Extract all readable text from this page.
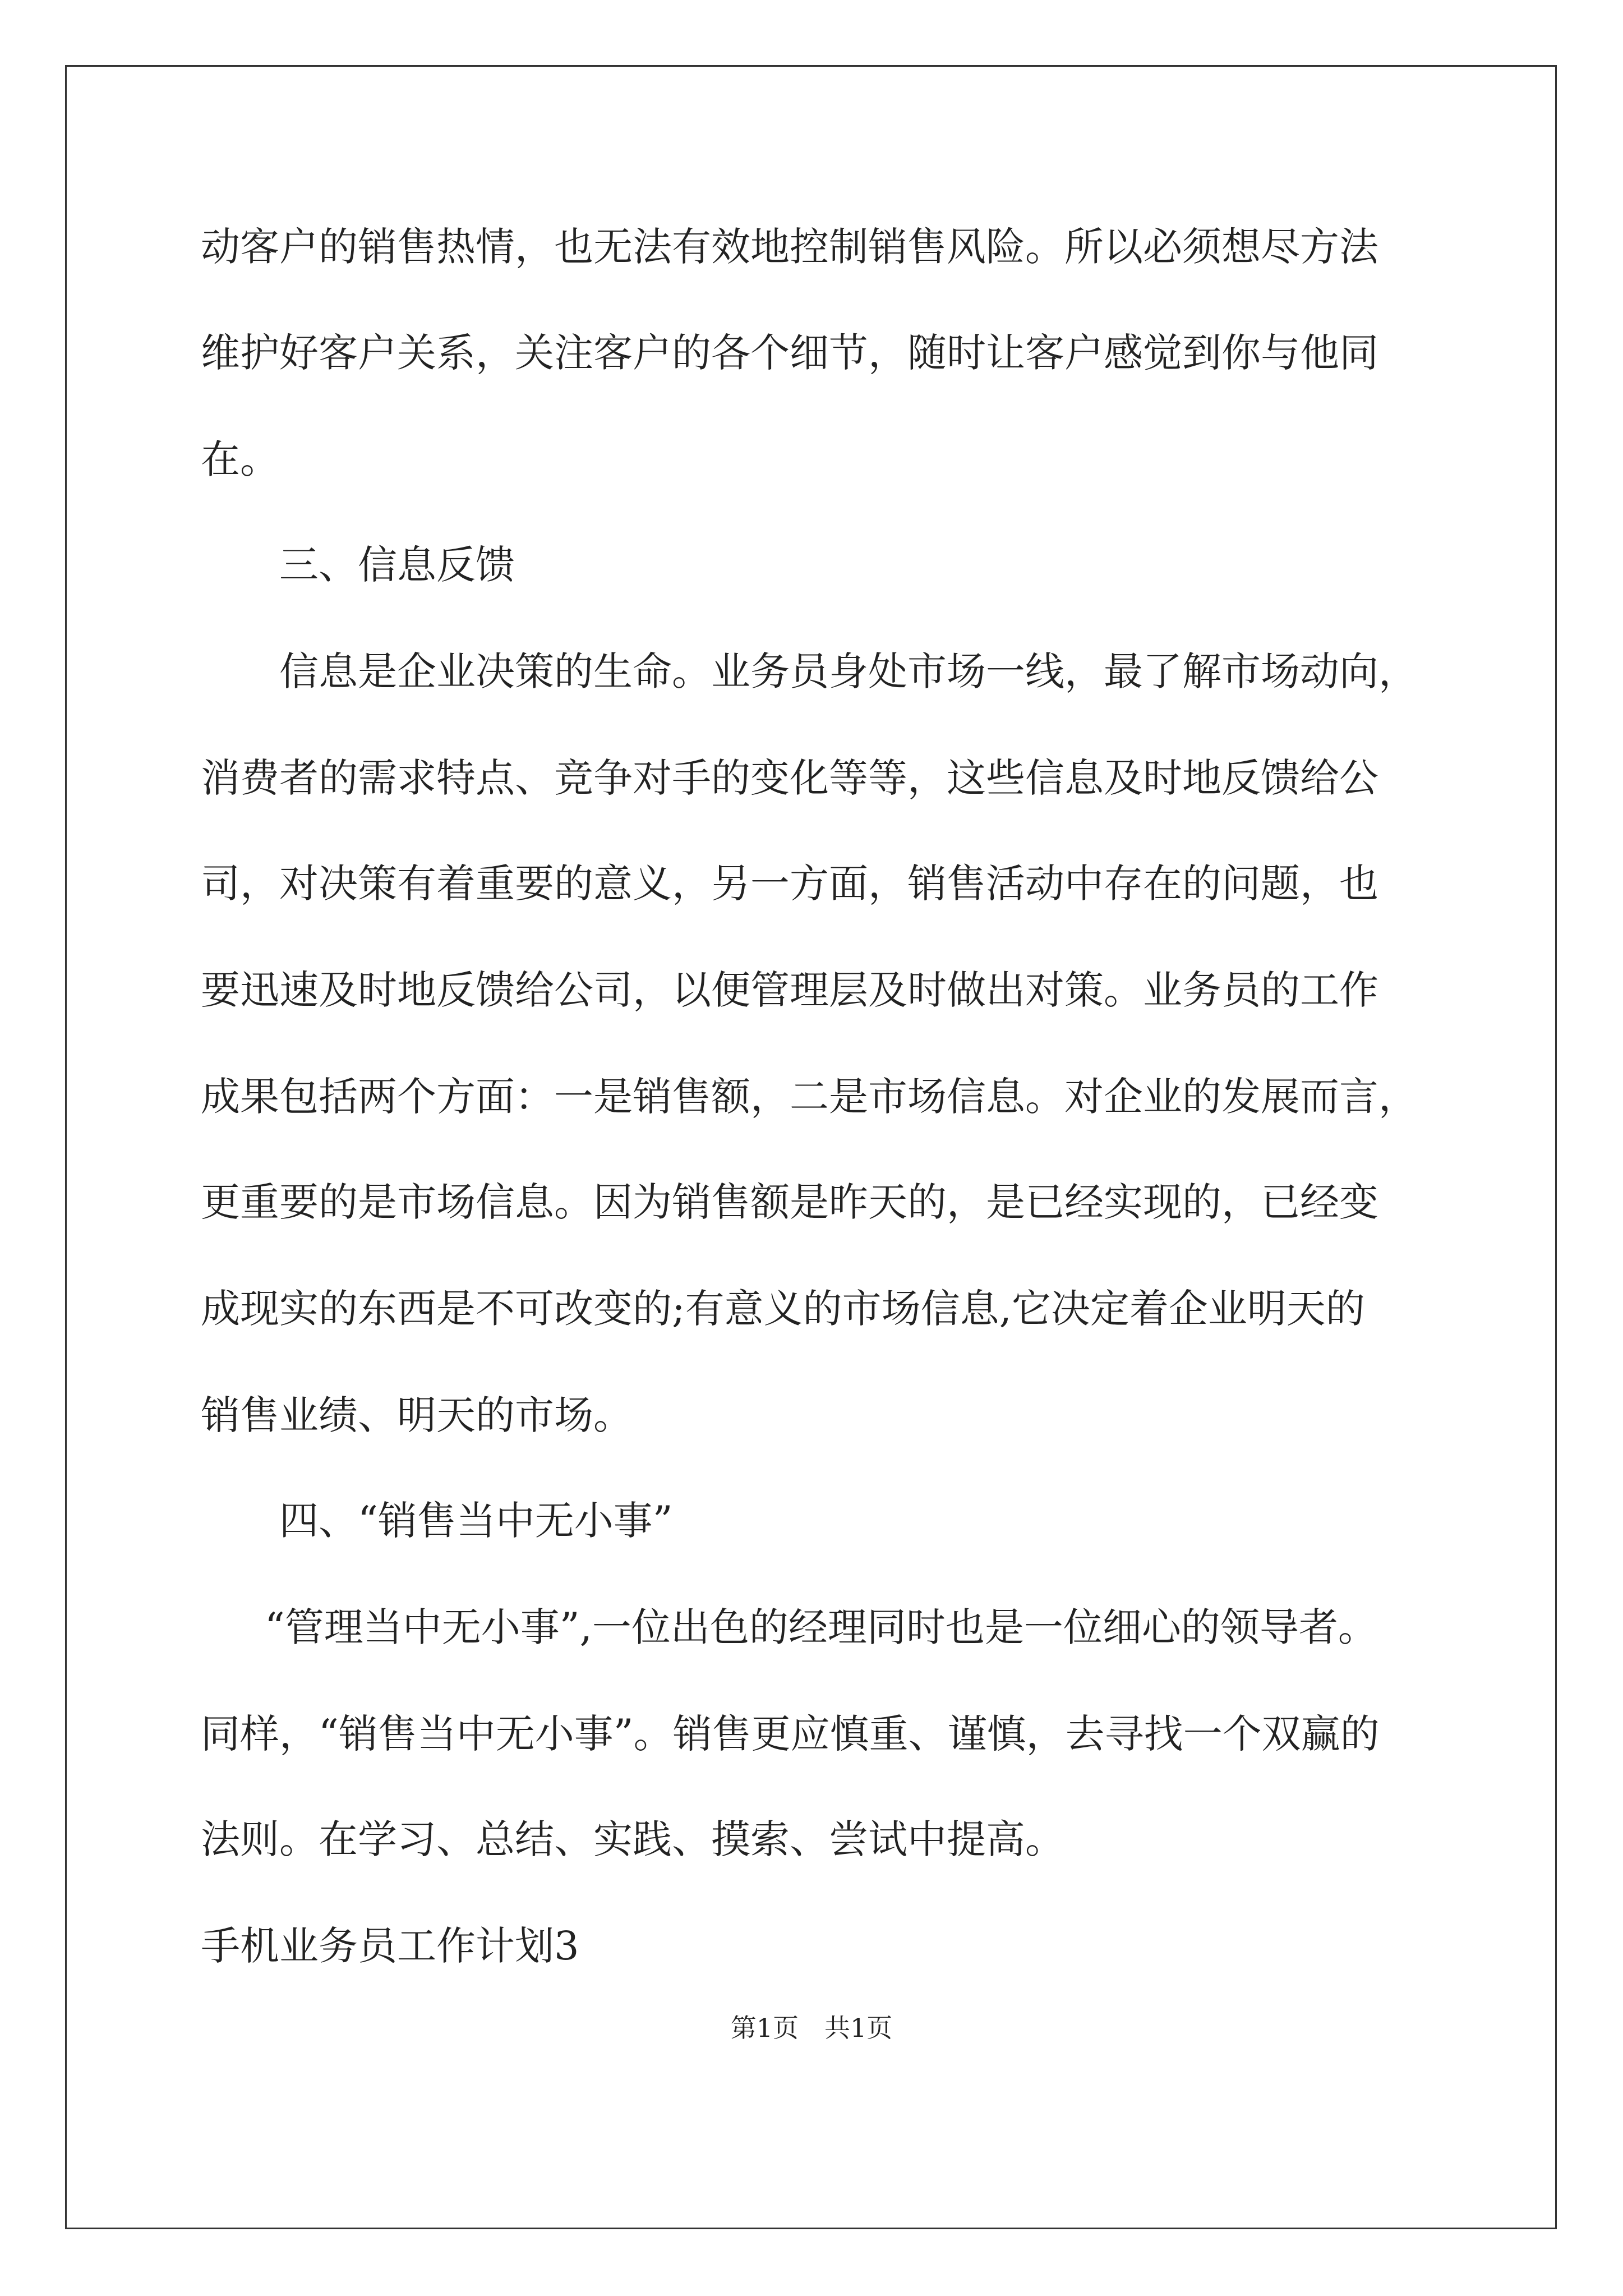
动客户的销售热情，也无法有效地控制销售风险。所以必须想尽方法

维护好客户关系，关注客户的各个细节，随时让客户感觉到你与他同

在。

三、信息反馈

信息是企业决策的生命。业务员身处市场一线，最了解市场动向，

消费者的需求特点、竞争对手的变化等等，这些信息及时地反馈给公

司，对决策有着重要的意义，另一方面，销售活动中存在的问题，也

要迅速及时地反馈给公司，以便管理层及时做出对策。业务员的工作

成果包括两个方面：一是销售额，二是市场信息。对企业的发展而言，

更重要的是市场信息。因为销售额是昨天的，是已经实现的，已经变

成现实的东西是不可改变的;有意义的市场信息,它决定着企业明天的

销售业绩、明天的市场。

四、“销售当中无小事”

“管理当中无小事”,一位出色的经理同时也是一位细心的领导者。

同样，“销售当中无小事”。销售更应慎重、谨慎，去寻找一个双赢的

法则。在学习、总结、实践、摸索、尝试中提高。

手机业务员工作计划3

第1页　共1页
